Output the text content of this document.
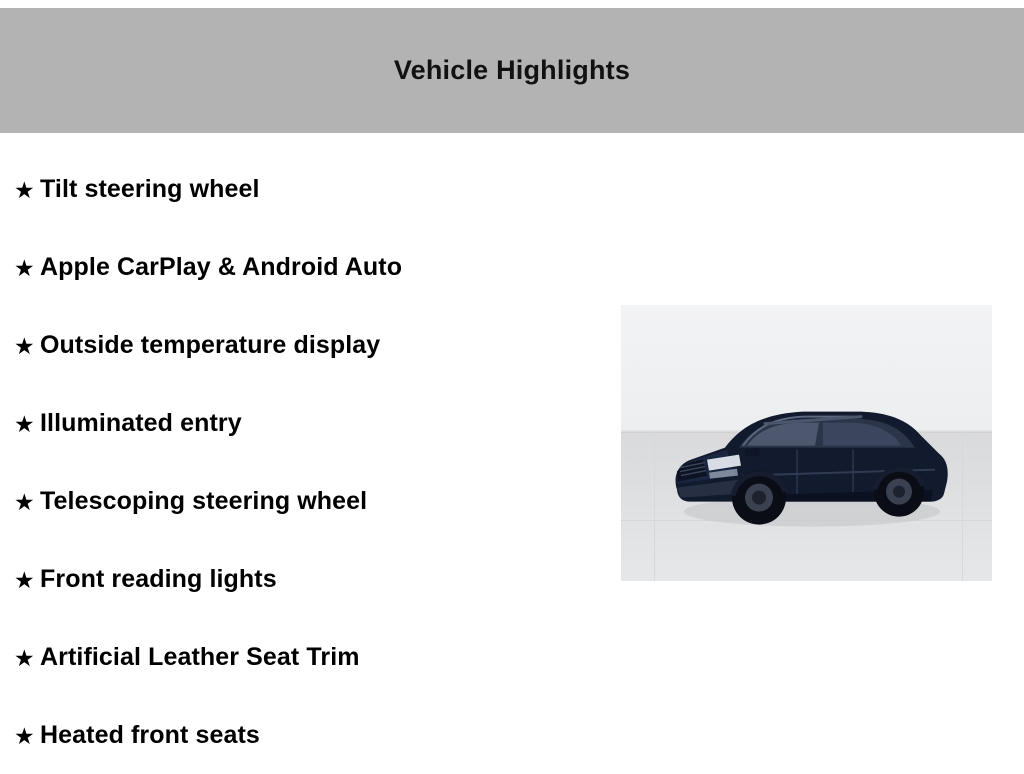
Vehicle Highlights
★ Tilt steering wheel
★ Apple CarPlay & Android Auto
★ Outside temperature display
★ Illuminated entry
★ Telescoping steering wheel
★ Front reading lights
★ Artificial Leather Seat Trim
★ Heated front seats
